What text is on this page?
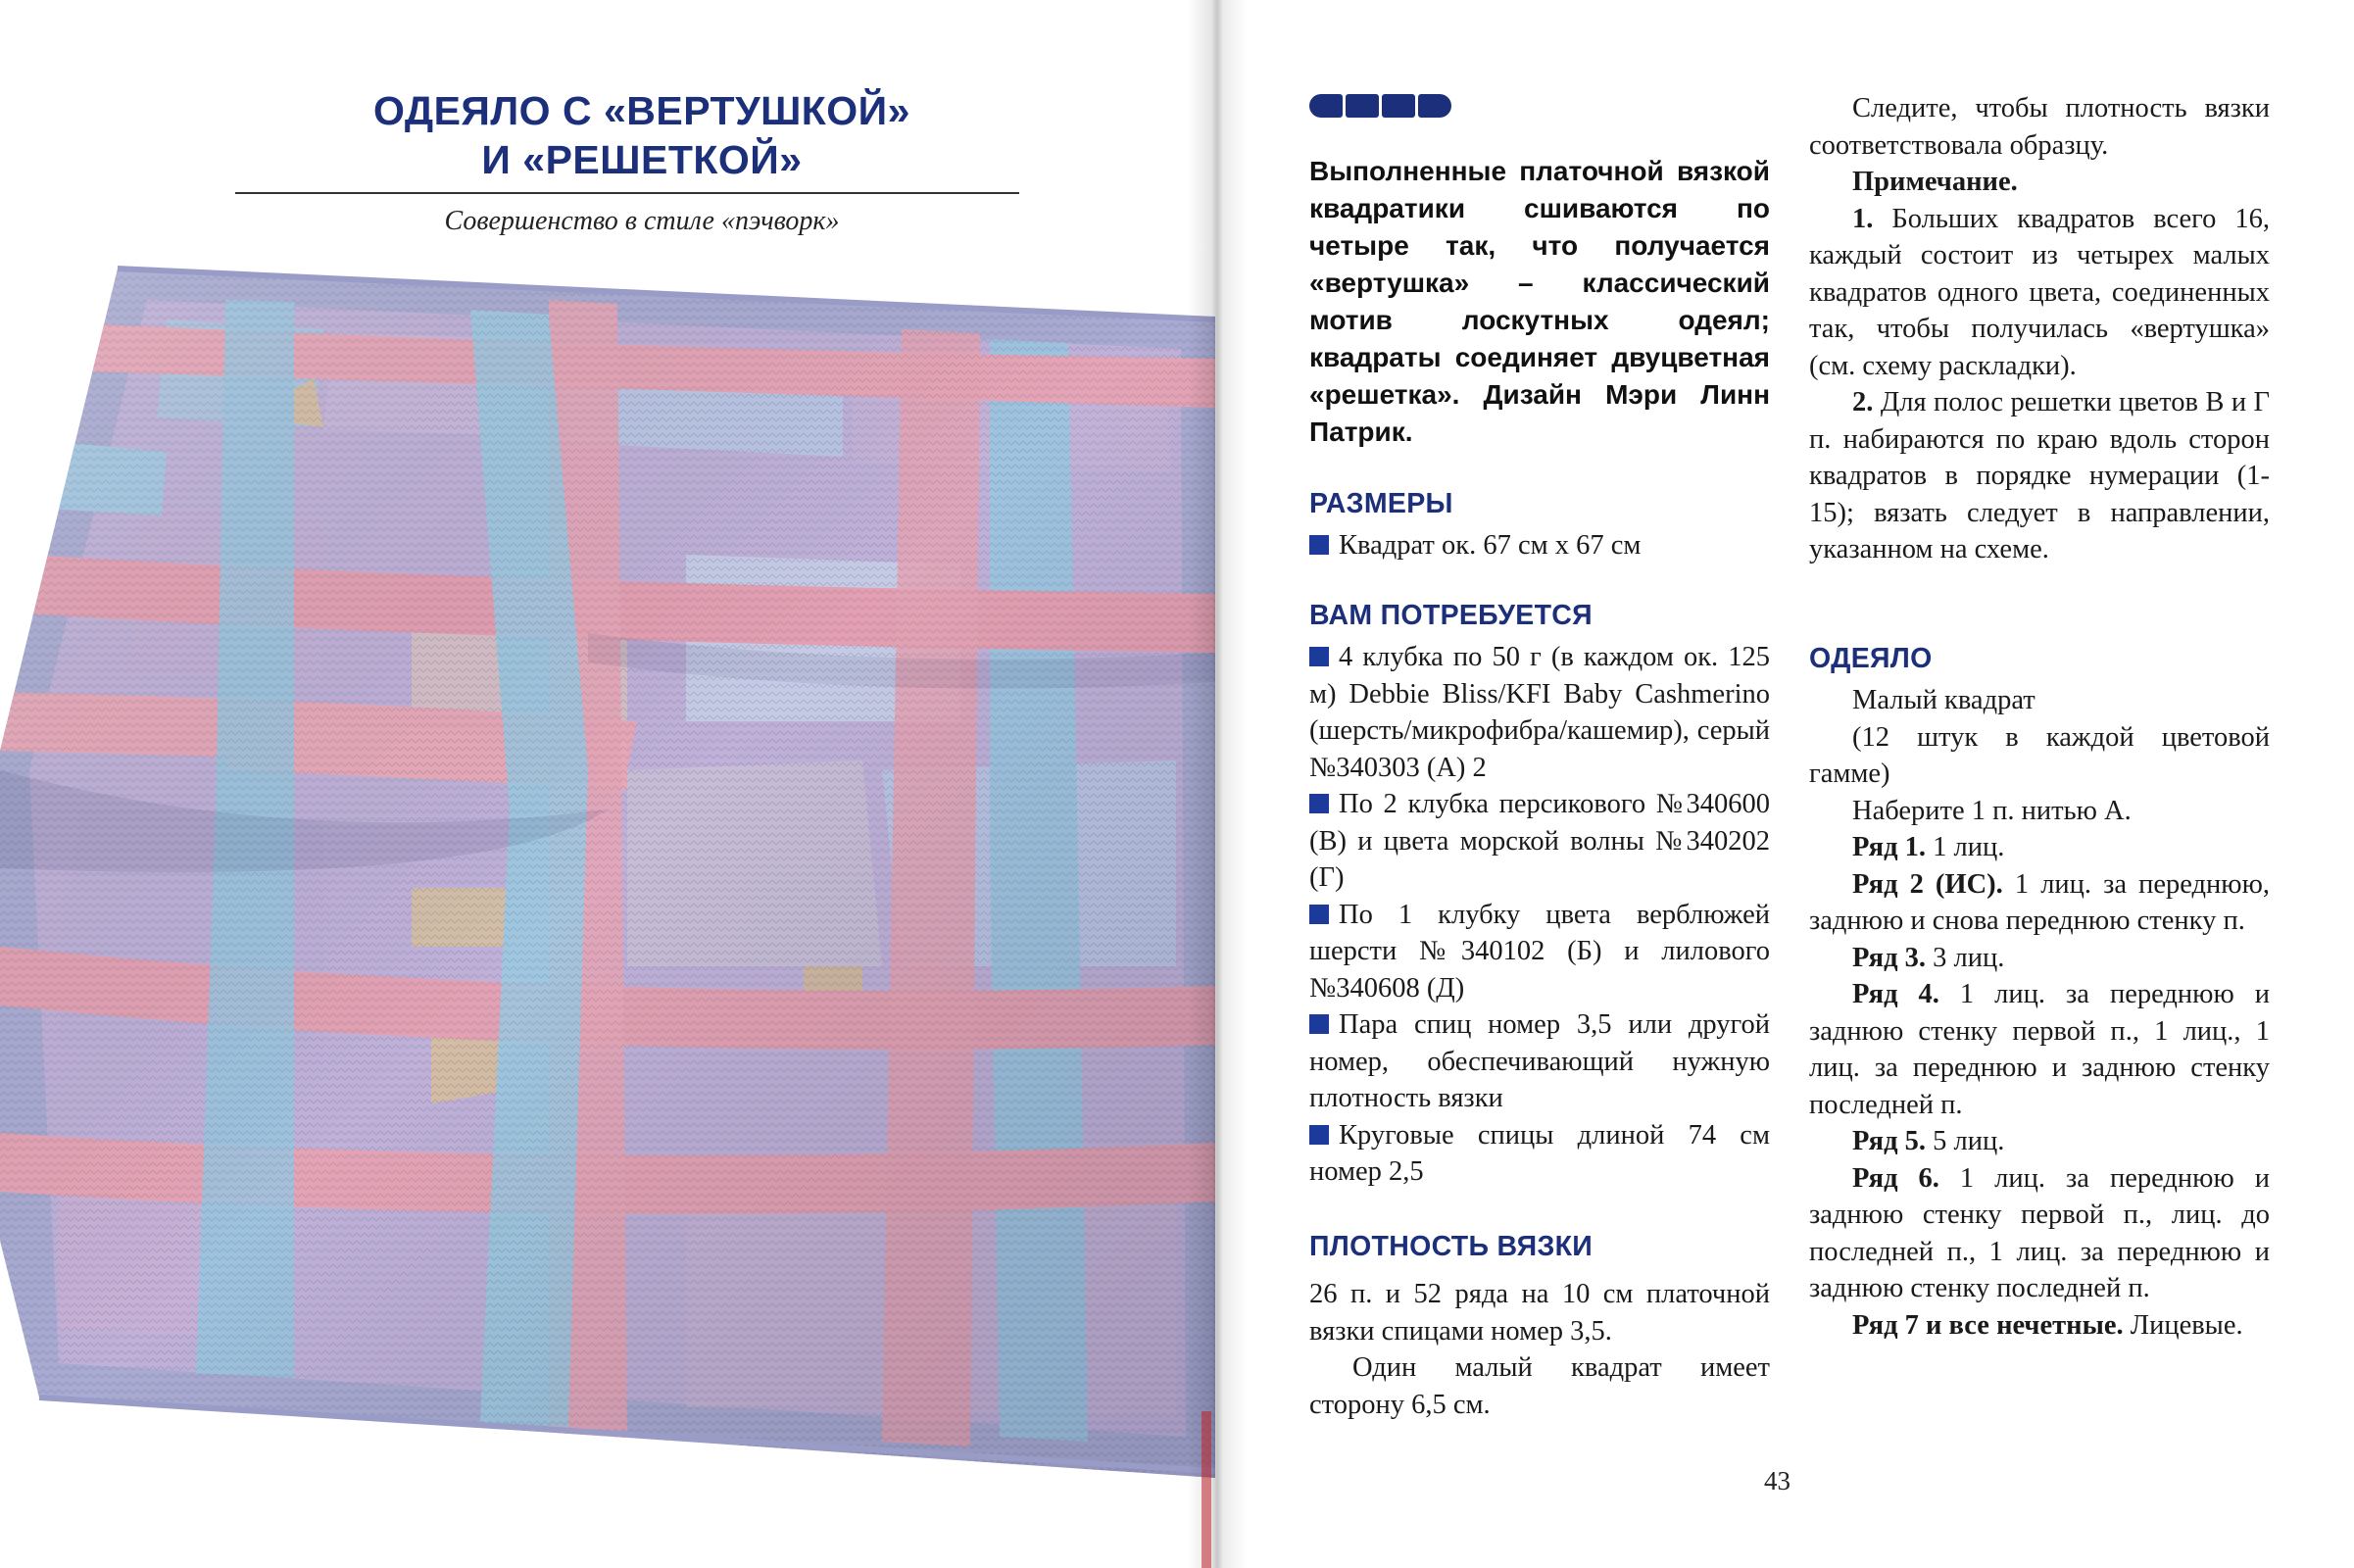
ОДЕЯЛО С «ВЕРТУШКОЙ»
И «РЕШЕТКОЙ»
Совершенство в стиле «пэчворк»
Выполненные платочной вязкой квадратики сшиваются по четыре так, что получается «вертушка» – классический мотив лоскутных одеял; квадраты соединяет двуцветная «решетка». Дизайн Мэри Линн Патрик.
РАЗМЕРЫ
Квадрат ок. 67 см х 67 см
ВАМ ПОТРЕБУЕТСЯ
4 клубка по 50 г (в каждом ок. 125 м) Debbie Bliss/KFI Baby Cashmerino (шерсть/микрофибра/кашемир), серый №340303 (А) 2
По 2 клубка персикового №340600 (В) и цвета морской волны №340202 (Г)
По 1 клубку цвета верблюжей шерсти №340102 (Б) и лилового №340608 (Д)
Пара спиц номер 3,5 или другой номер, обеспечивающий нужную плотность вязки
Круговые спицы длиной 74 см номер 2,5
ПЛОТНОСТЬ ВЯЗКИ
26 п. и 52 ряда на 10 см платочной вязки спицами номер 3,5.
Один малый квадрат имеет сторону 6,5 см.
Следите, чтобы плотность вязки соответствовала образцу.
Примечание.
1. Больших квадратов всего 16, каждый состоит из четырех малых квадратов одного цвета, соединенных так, чтобы получилась «вертушка» (см. схему раскладки).
2. Для полос решетки цветов В и Г п. набираются по краю вдоль сторон квадратов в порядке нумерации (1-15); вязать следует в направлении, указанном на схеме.
ОДЕЯЛО
Малый квадрат
(12 штук в каждой цветовой гамме)
Наберите 1 п. нитью А.
Ряд 1. 1 лиц.
Ряд 2 (ИС). 1 лиц. за переднюю, заднюю и снова переднюю стенку п.
Ряд 3. 3 лиц.
Ряд 4. 1 лиц. за переднюю и заднюю стенку первой п., 1 лиц., 1 лиц. за переднюю и заднюю стенку последней п.
Ряд 5. 5 лиц.
Ряд 6. 1 лиц. за переднюю и заднюю стенку первой п., лиц. до последней п., 1 лиц. за переднюю и заднюю стенку последней п.
Ряд 7 и все нечетные. Лицевые.
43
